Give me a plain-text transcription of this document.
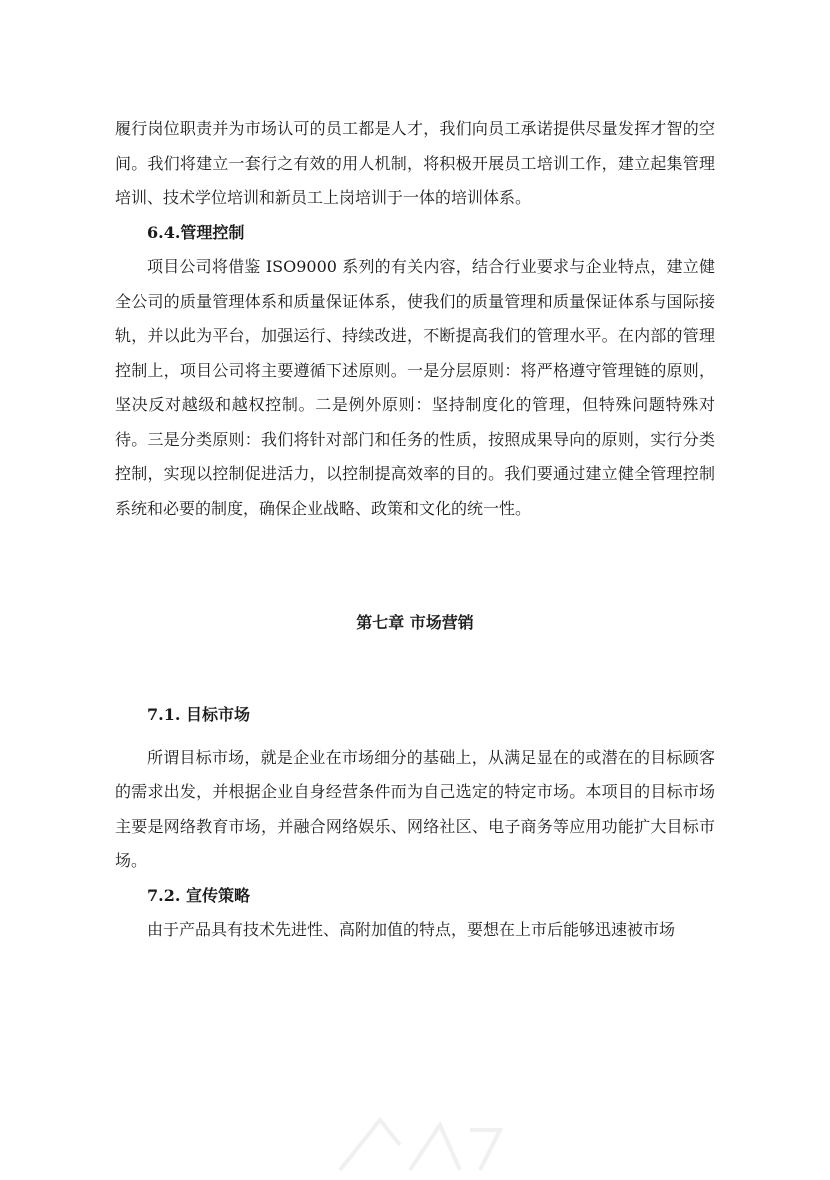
履行岗位职责并为市场认可的员工都是人才，我们向员工承诺提供尽量发挥才智的空间。我们将建立一套行之有效的用人机制，将积极开展员工培训工作，建立起集管理培训、技术学位培训和新员工上岗培训于一体的培训体系。

6.4.管理控制

项目公司将借鉴 ISO9000 系列的有关内容，结合行业要求与企业特点，建立健全公司的质量管理体系和质量保证体系，使我们的质量管理和质量保证体系与国际接轨，并以此为平台，加强运行、持续改进，不断提高我们的管理水平。在内部的管理控制上，项目公司将主要遵循下述原则。一是分层原则：将严格遵守管理链的原则，坚决反对越级和越权控制。二是例外原则：坚持制度化的管理，但特殊问题特殊对待。三是分类原则：我们将针对部门和任务的性质，按照成果导向的原则，实行分类控制，实现以控制促进活力，以控制提高效率的目的。我们要通过建立健全管理控制系统和必要的制度，确保企业战略、政策和文化的统一性。

第七章 市场营销

7.1. 目标市场

所谓目标市场，就是企业在市场细分的基础上，从满足显在的或潜在的目标顾客的需求出发，并根据企业自身经营条件而为自己选定的特定市场。本项目的目标市场主要是网络教育市场，并融合网络娱乐、网络社区、电子商务等应用功能扩大目标市场。

7.2. 宣传策略

由于产品具有技术先进性、高附加值的特点，要想在上市后能够迅速被市场
